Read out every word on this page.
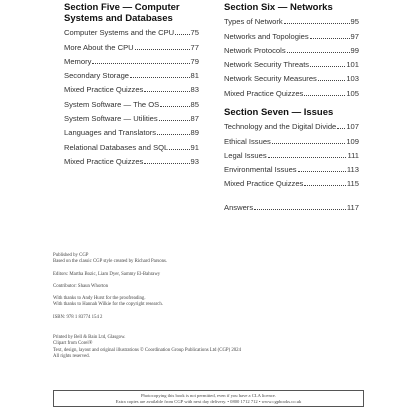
Section Five — Computer
Systems and Databases
Computer Systems and the CPU 75
More About the CPU	77
Memory	79
Secondary Storage	81
Mixed Practice Quizzes	83
System Software — The OS	85
System Software — Utilities	87
Languages and Translators	89
Relational Databases and SQL	91
Mixed Practice Quizzes	93
Section Six — Networks
Types of Network	95
Networks and Topologies	97
Network Protocols	99
Network Security Threats	101
Network Security Measures	103
Mixed Practice Quizzes	105
Section Seven — Issues
Technology and the Digital Divide 107
Ethical Issues	109
Legal Issues	111
Environmental Issues	113
Mixed Practice Quizzes	115
Answers	117

Published by CGP

Based on the classic CGP style created by Richard Parsons.

Editors: Martha Bozic, Liam Dyer, Sammy El-Bahrawy

Contributor: Shaun Whorton

With thanks to Andy Hurst for the proofreading.

With thanks to Hannah Wilkie for the copyright research.

ISBN: 978 1 83774 154 2

Printed by Bell & Bain Ltd, Glasgow.

Clipart from Corel®

Text, design, layout and original illustrations © Coordination Group Publications Ltd (CGP) 2024

All rights reserved.

Photocopying this book is not permitted, even if you have a CLA licence.
Extra copies are available from CGP with next day delivery. • 0800 1712 712 • www.cgpbooks.co.uk
